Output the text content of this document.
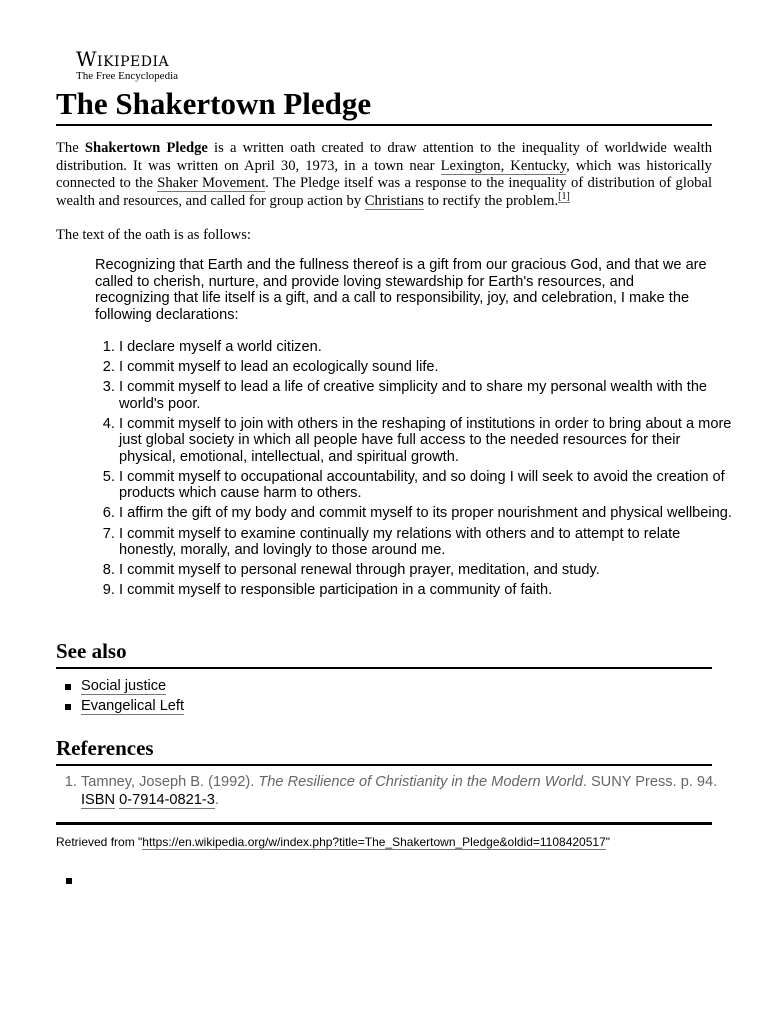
Wikipedia
The Free Encyclopedia
The Shakertown Pledge

The Shakertown Pledge is a written oath created to draw attention to the inequality of worldwide wealth distribution. It was written on April 30, 1973, in a town near Lexington, Kentucky, which was historically connected to the Shaker Movement. The Pledge itself was a response to the inequality of distribution of global wealth and resources, and called for group action by Christians to rectify the problem.[1]

The text of the oath is as follows:

Recognizing that Earth and the fullness thereof is a gift from our gracious God, and that we are called to cherish, nurture, and provide loving stewardship for Earth's resources, and recognizing that life itself is a gift, and a call to responsibility, joy, and celebration, I make the following declarations:

1. I declare myself a world citizen.
2. I commit myself to lead an ecologically sound life.
3. I commit myself to lead a life of creative simplicity and to share my personal wealth with the world's poor.
4. I commit myself to join with others in the reshaping of institutions in order to bring about a more just global society in which all people have full access to the needed resources for their physical, emotional, intellectual, and spiritual growth.
5. I commit myself to occupational accountability, and so doing I will seek to avoid the creation of products which cause harm to others.
6. I affirm the gift of my body and commit myself to its proper nourishment and physical wellbeing.
7. I commit myself to examine continually my relations with others and to attempt to relate honestly, morally, and lovingly to those around me.
8. I commit myself to personal renewal through prayer, meditation, and study.
9. I commit myself to responsible participation in a community of faith.
See also
Social justice
Evangelical Left
References
1. Tamney, Joseph B. (1992). The Resilience of Christianity in the Modern World. SUNY Press. p. 94. ISBN 0-7914-0821-3.
Retrieved from "https://en.wikipedia.org/w/index.php?title=The_Shakertown_Pledge&oldid=1108420517"
